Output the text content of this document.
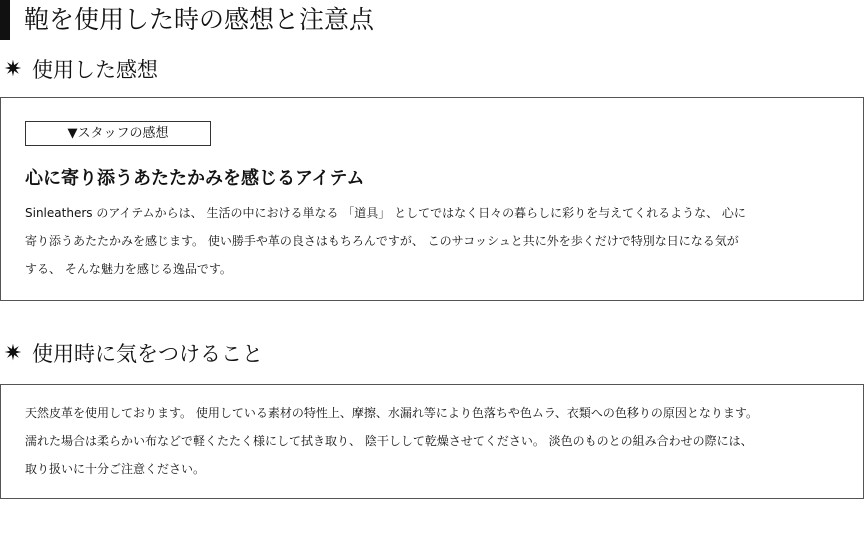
鞄を使用した時の感想と注意点
✷ 使用した感想
▼スタッフの感想
心に寄り添うあたたかみを感じるアイテム

Sinleathers のアイテムからは、 生活の中における単なる 「道具」 としてではなく日々の暮らしに彩りを与えてくれるような、 心に
寄り添うあたたかみを感じます。 使い勝手や革の良さはもちろんですが、 このサコッシュと共に外を歩くだけで特別な日になる気が
する、 そんな魅力を感じる逸品です。

✷ 使用時に気をつけること

天然皮革を使用しております。 使用している素材の特性上、摩擦、水漏れ等により色落ちや色ムラ、衣類への色移りの原因となります。
濡れた場合は柔らかい布などで軽くたたく様にして拭き取り、 陰干しして乾燥させてください。 淡色のものとの組み合わせの際には、
取り扱いに十分ご注意ください。
